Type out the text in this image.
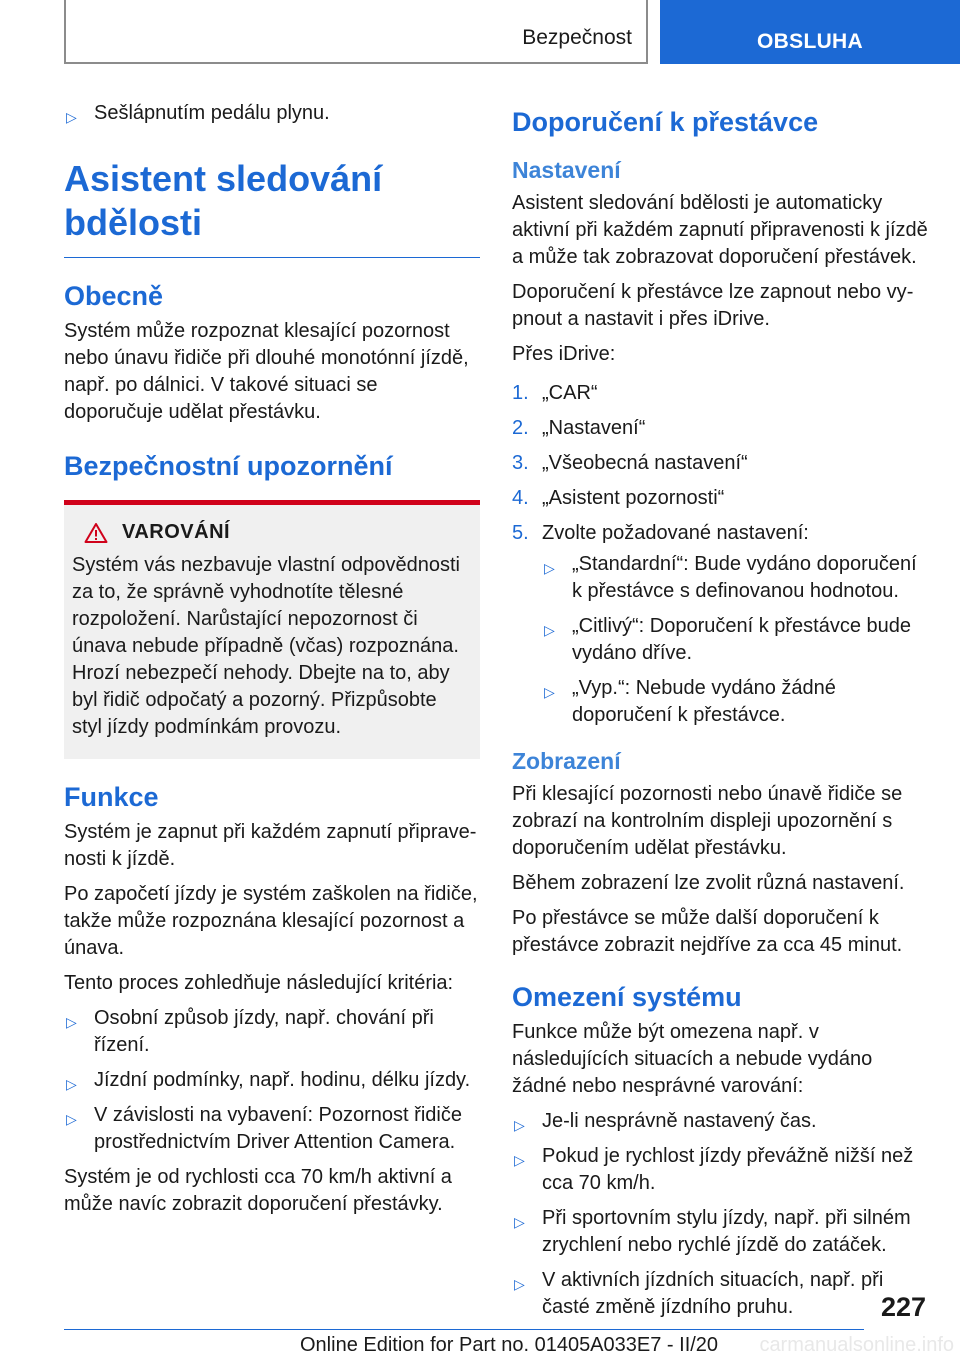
Bezpečnost	OBSLUHA
▷ Sešlápnutím pedálu plynu.
Asistent sledování bdělosti
Obecně

Systém může rozpoznat klesající pozornost nebo únavu řidiče při dlouhé monotónní jízdě, např. po dálnici. V takové situaci se doporučuje udělat přestávku.

Bezpečnostní upozornění
VAROVÁNÍ

Systém vás nezbavuje vlastní odpovědnosti za to, že správně vyhodnotíte tělesné rozpoložení. Narůstající nepozornost či únava nebude případně (včas) rozpoznána. Hrozí nebezpečí nehody. Dbejte na to, aby byl řidič odpočatý a pozorný. Přizpůsobte styl jízdy podmínkám provozu.

Funkce

Systém je zapnut při každém zapnutí připravenosti k jízdě.

Po započetí jízdy je systém zaškolen na řidiče, takže může rozpoznána klesající pozornost a únava.

Tento proces zohledňuje následující kritéria:

▷ Osobní způsob jízdy, např. chování při řízení.
▷ Jízdní podmínky, např. hodinu, délku jízdy.
▷ V závislosti na vybavení: Pozornost řidiče prostřednictvím Driver Attention Camera.

Systém je od rychlosti cca 70 km/h aktivní a může navíc zobrazit doporučení přestávky.

Doporučení k přestávce
Nastavení

Asistent sledování bdělosti je automaticky aktivní při každém zapnutí připravenosti k jízdě a může tak zobrazovat doporučení přestávek.

Doporučení k přestávce lze zapnout nebo vypnout a nastavit i přes iDrive.

Přes iDrive:

1. „CAR“
2. „Nastavení“
3. „Všeobecná nastavení“
4. „Asistent pozornosti“
5. Zvolte požadované nastavení:
▷ „Standardní“: Bude vydáno doporučení k přestávce s definovanou hodnotou.
▷ „Citlivý“: Doporučení k přestávce bude vydáno dříve.
▷ „Vyp.“: Nebude vydáno žádné doporučení k přestávce.
Zobrazení

Při klesající pozornosti nebo únavě řidiče se zobrazí na kontrolním displeji upozornění s doporučením udělat přestávku.

Během zobrazení lze zvolit různá nastavení.

Po přestávce se může další doporučení k přestávce zobrazit nejdříve za cca 45 minut.

Omezení systému

Funkce může být omezena např. v následujících situacích a nebude vydáno žádné nebo nesprávné varování:

▷ Je-li nesprávně nastavený čas.
▷ Pokud je rychlost jízdy převážně nižší než cca 70 km/h.
▷ Při sportovním stylu jízdy, např. při silném zrychlení nebo rychlé jízdě do zatáček.
▷ V aktivních jízdních situacích, např. při časté změně jízdního pruhu.	227
Online Edition for Part no. 01405A033E7 - II/20 carmanualsonline.info
